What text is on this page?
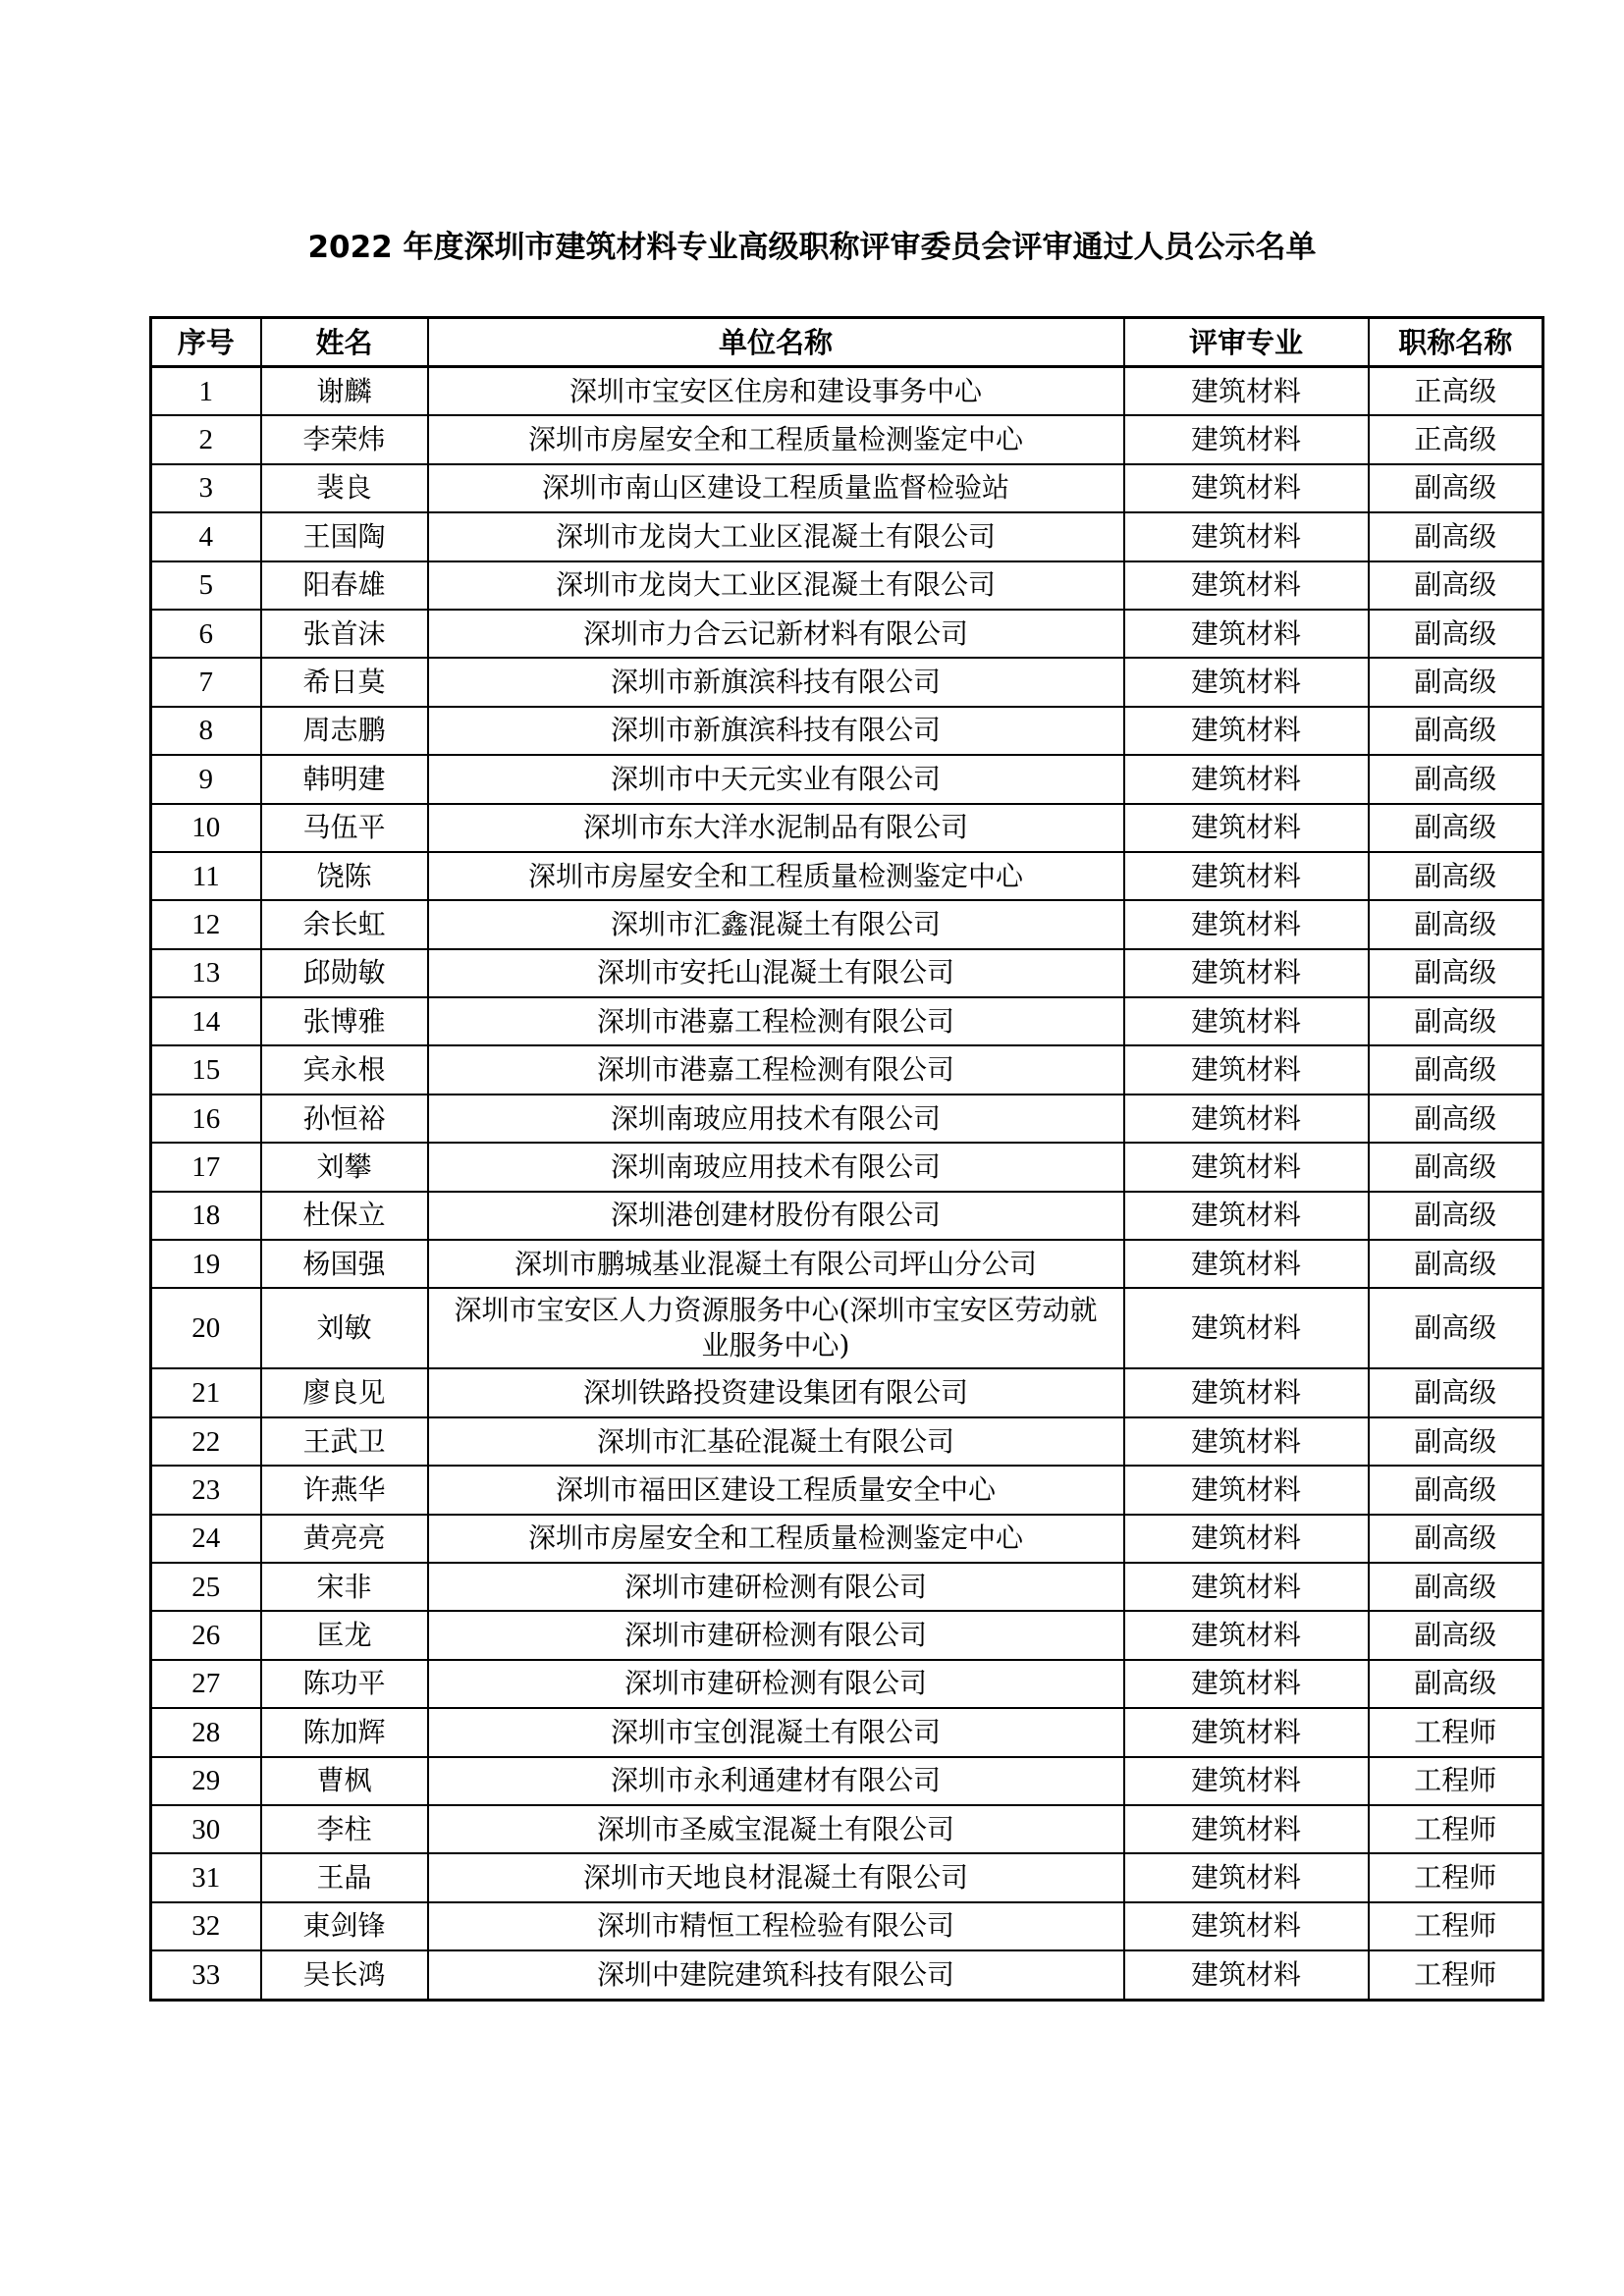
2022 年度深圳市建筑材料专业高级职称评审委员会评审通过人员公示名单
序号	姓名	单位名称	评审专业	职称名称
1	谢麟	深圳市宝安区住房和建设事务中心	建筑材料	正高级
2	李荣炜	深圳市房屋安全和工程质量检测鉴定中心	建筑材料	正高级
3	裴良	深圳市南山区建设工程质量监督检验站	建筑材料	副高级
4	王国陶	深圳市龙岗大工业区混凝土有限公司	建筑材料	副高级
5	阳春雄	深圳市龙岗大工业区混凝土有限公司	建筑材料	副高级
6	张首沫	深圳市力合云记新材料有限公司	建筑材料	副高级
7	希日莫	深圳市新旗滨科技有限公司	建筑材料	副高级
8	周志鹏	深圳市新旗滨科技有限公司	建筑材料	副高级
9	韩明建	深圳市中天元实业有限公司	建筑材料	副高级
10	马伍平	深圳市东大洋水泥制品有限公司	建筑材料	副高级
11	饶陈	深圳市房屋安全和工程质量检测鉴定中心	建筑材料	副高级
12	余长虹	深圳市汇鑫混凝土有限公司	建筑材料	副高级
13	邱勋敏	深圳市安托山混凝土有限公司	建筑材料	副高级
14	张博雅	深圳市港嘉工程检测有限公司	建筑材料	副高级
15	宾永根	深圳市港嘉工程检测有限公司	建筑材料	副高级
16	孙恒裕	深圳南玻应用技术有限公司	建筑材料	副高级
17	刘攀	深圳南玻应用技术有限公司	建筑材料	副高级
18	杜保立	深圳港创建材股份有限公司	建筑材料	副高级
19	杨国强	深圳市鹏城基业混凝土有限公司坪山分公司	建筑材料	副高级
20	刘敏	深圳市宝安区人力资源服务中心(深圳市宝安区劳动就业服务中心)	建筑材料	副高级
21	廖良见	深圳铁路投资建设集团有限公司	建筑材料	副高级
22	王武卫	深圳市汇基砼混凝土有限公司	建筑材料	副高级
23	许燕华	深圳市福田区建设工程质量安全中心	建筑材料	副高级
24	黄亮亮	深圳市房屋安全和工程质量检测鉴定中心	建筑材料	副高级
25	宋非	深圳市建研检测有限公司	建筑材料	副高级
26	匡龙	深圳市建研检测有限公司	建筑材料	副高级
27	陈功平	深圳市建研检测有限公司	建筑材料	副高级
28	陈加辉	深圳市宝创混凝土有限公司	建筑材料	工程师
29	曹枫	深圳市永利通建材有限公司	建筑材料	工程师
30	李柱	深圳市圣威宝混凝土有限公司	建筑材料	工程师
31	王晶	深圳市天地良材混凝土有限公司	建筑材料	工程师
32	東剑锋	深圳市精恒工程检验有限公司	建筑材料	工程师
33	吴长鸿	深圳中建院建筑科技有限公司	建筑材料	工程师
